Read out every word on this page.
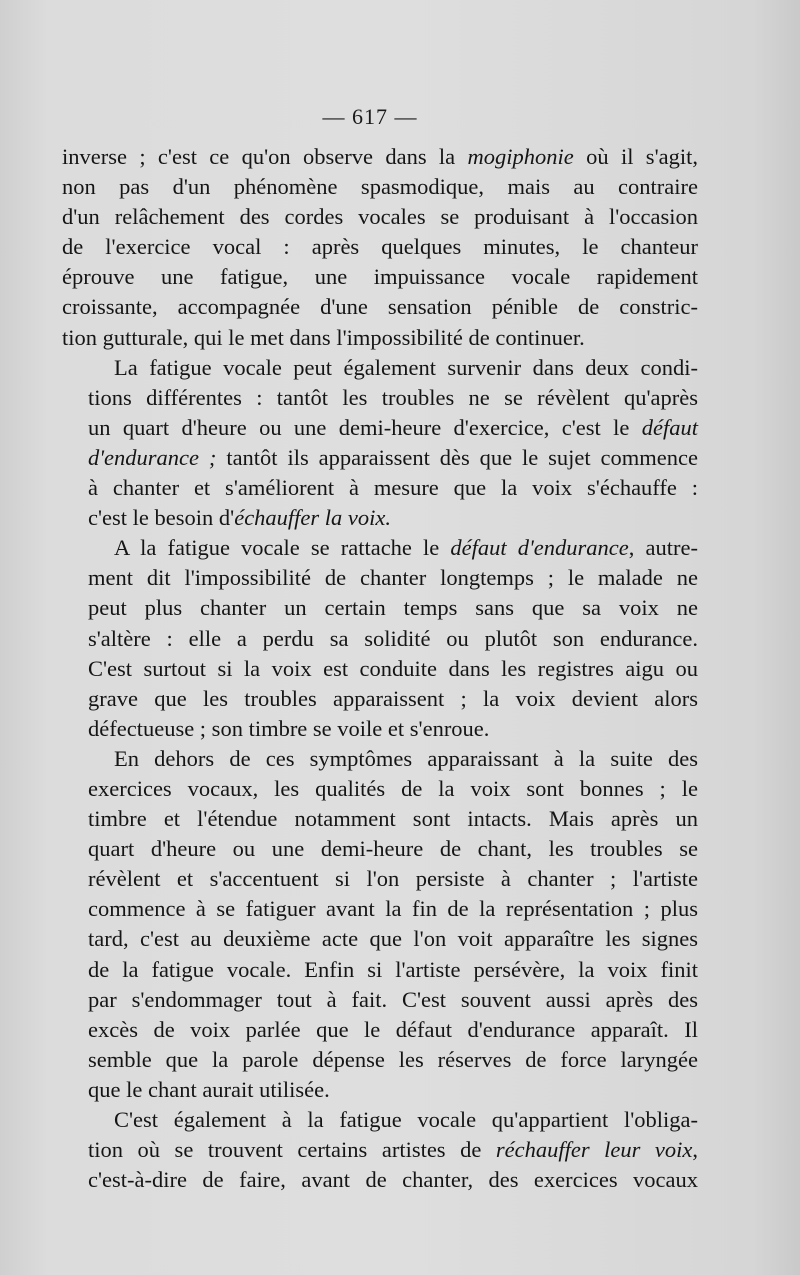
— 617 —
inverse ; c'est ce qu'on observe dans la mogiphonie où il s'agit,
non pas d'un phénomène spasmodique, mais au contraire
d'un relâchement des cordes vocales se produisant à l'occasion
de l'exercice vocal : après quelques minutes, le chanteur
éprouve une fatigue, une impuissance vocale rapidement
croissante, accompagnée d'une sensation pénible de constric-
tion gutturale, qui le met dans l'impossibilité de continuer.
La fatigue vocale peut également survenir dans deux condi-
tions différentes : tantôt les troubles ne se révèlent qu'après
un quart d'heure ou une demi-heure d'exercice, c'est le défaut
d'endurance ; tantôt ils apparaissent dès que le sujet commence
à chanter et s'améliorent à mesure que la voix s'échauffe :
c'est le besoin d'échauffer la voix.
A la fatigue vocale se rattache le défaut d'endurance, autre-
ment dit l'impossibilité de chanter longtemps ; le malade ne
peut plus chanter un certain temps sans que sa voix ne
s'altère : elle a perdu sa solidité ou plutôt son endurance.
C'est surtout si la voix est conduite dans les registres aigu ou
grave que les troubles apparaissent ; la voix devient alors
défectueuse ; son timbre se voile et s'enroue.
En dehors de ces symptômes apparaissant à la suite des
exercices vocaux, les qualités de la voix sont bonnes ; le
timbre et l'étendue notamment sont intacts. Mais après un
quart d'heure ou une demi-heure de chant, les troubles se
révèlent et s'accentuent si l'on persiste à chanter ; l'artiste
commence à se fatiguer avant la fin de la représentation ; plus
tard, c'est au deuxième acte que l'on voit apparaître les signes
de la fatigue vocale. Enfin si l'artiste persévère, la voix finit
par s'endommager tout à fait. C'est souvent aussi après des
excès de voix parlée que le défaut d'endurance apparaît. Il
semble que la parole dépense les réserves de force laryngée
que le chant aurait utilisée.
C'est également à la fatigue vocale qu'appartient l'obliga-
tion où se trouvent certains artistes de réchauffer leur voix,
c'est-à-dire de faire, avant de chanter, des exercices vocaux
